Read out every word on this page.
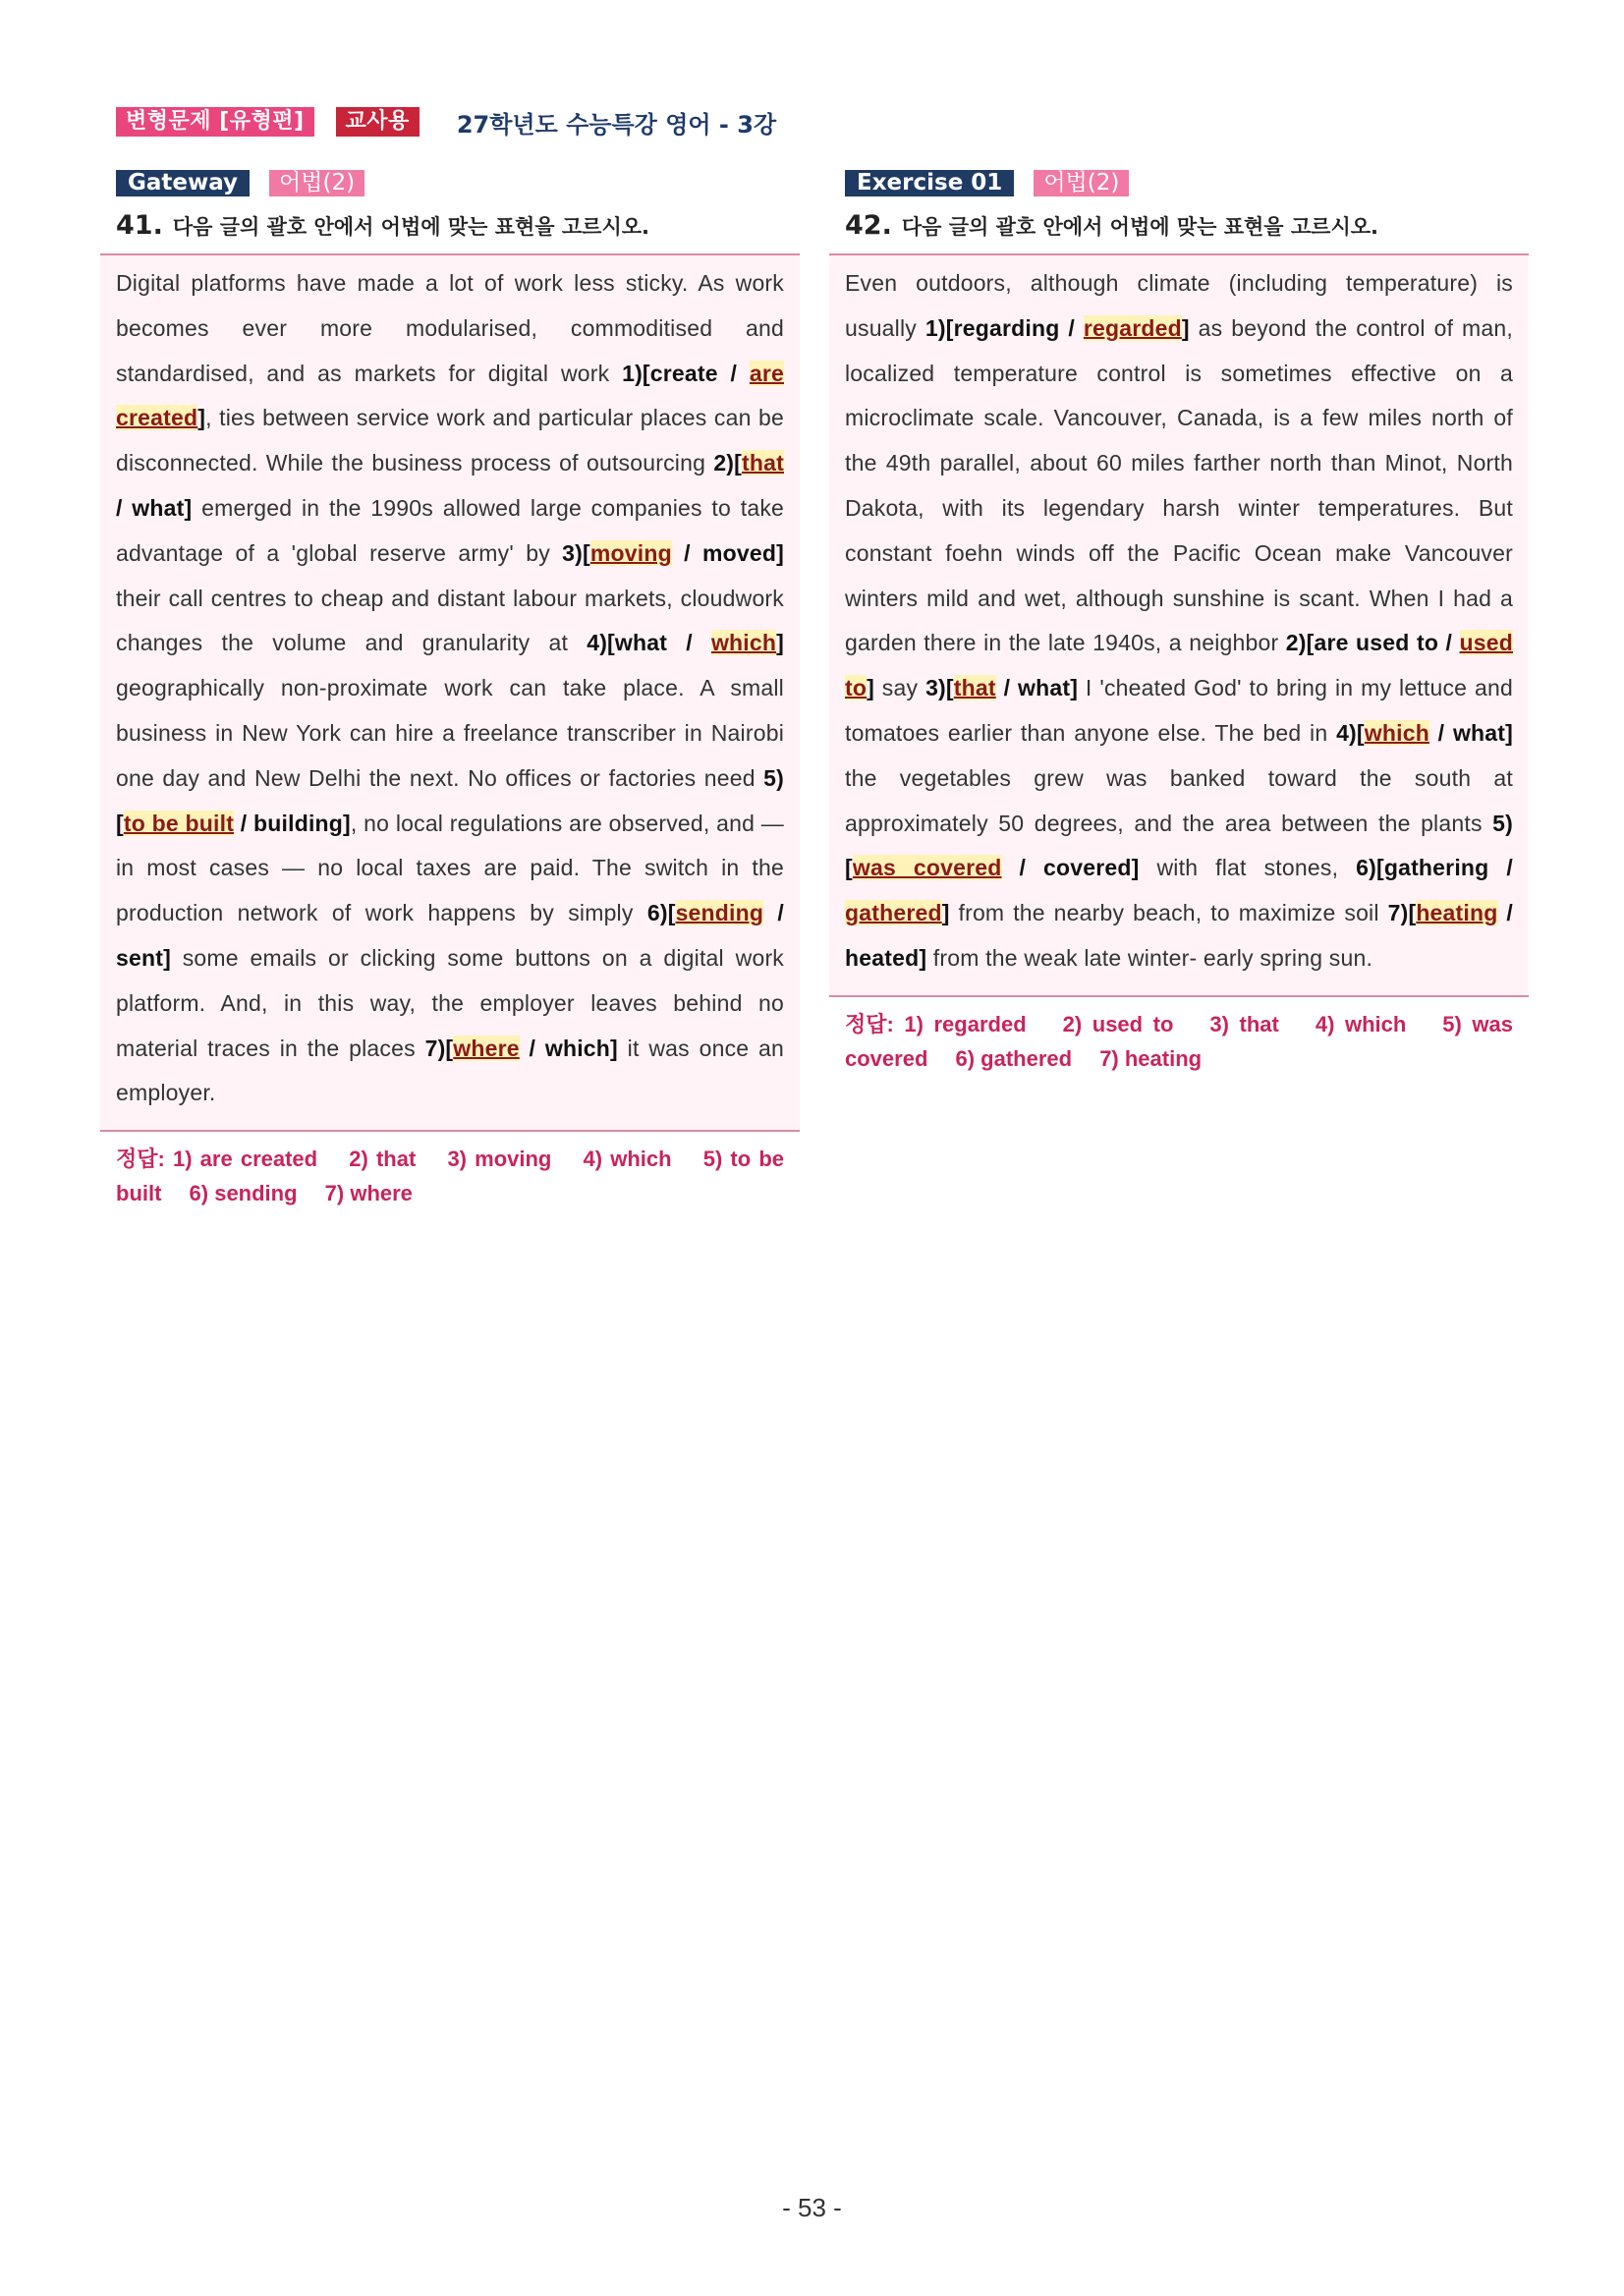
변형문제 [유형편]	교사용	27학년도 수능특강 영어 - 3강
Gateway	어법(2)
41. 다음 글의 괄호 안에서 어법에 맞는 표현을 고르시오.
Digital platforms have made a lot of work less sticky. As work becomes ever more modularised, commoditised and standardised, and as markets for digital work 1)[create / are created], ties between service work and particular places can be disconnected. While the business process of outsourcing 2)[that / what] emerged in the 1990s allowed large companies to take advantage of a 'global reserve army' by 3)[moving / moved] their call centres to cheap and distant labour markets, cloudwork changes the volume and granularity at 4)[what / which] geographically non-proximate work can take place. A small business in New York can hire a freelance transcriber in Nairobi one day and New Delhi the next. No offices or factories need 5)[to be built / building], no local regulations are observed, and — in most cases — no local taxes are paid. The switch in the production network of work happens by simply 6)[sending / sent] some emails or clicking some buttons on a digital work platform. And, in this way, the employer leaves behind no material traces in the places 7)[where / which] it was once an employer.
정답: 1) are created 　2) that 　3) moving 　4) which 　5) to be built 　6) sending 　7) where
Exercise 01	어법(2)
42. 다음 글의 괄호 안에서 어법에 맞는 표현을 고르시오.
Even outdoors, although climate (including temperature) is usually 1)[regarding / regarded] as beyond the control of man, localized temperature control is sometimes effective on a microclimate scale. Vancouver, Canada, is a few miles north of the 49th parallel, about 60 miles farther north than Minot, North Dakota, with its legendary harsh winter temperatures. But constant foehn winds off the Pacific Ocean make Vancouver winters mild and wet, although sunshine is scant. When I had a garden there in the late 1940s, a neighbor 2)[are used to / used to] say 3)[that / what] I 'cheated God' to bring in my lettuce and tomatoes earlier than anyone else. The bed in 4)[which / what] the vegetables grew was banked toward the south at approximately 50 degrees, and the area between the plants 5)[was covered / covered] with flat stones, 6)[gathering / gathered] from the nearby beach, to maximize soil 7)[heating / heated] from the weak late winter- early spring sun.
정답: 1) regarded 　2) used to 　3) that 　4) which 　5) was covered 　6) gathered 　7) heating
- 53 -
